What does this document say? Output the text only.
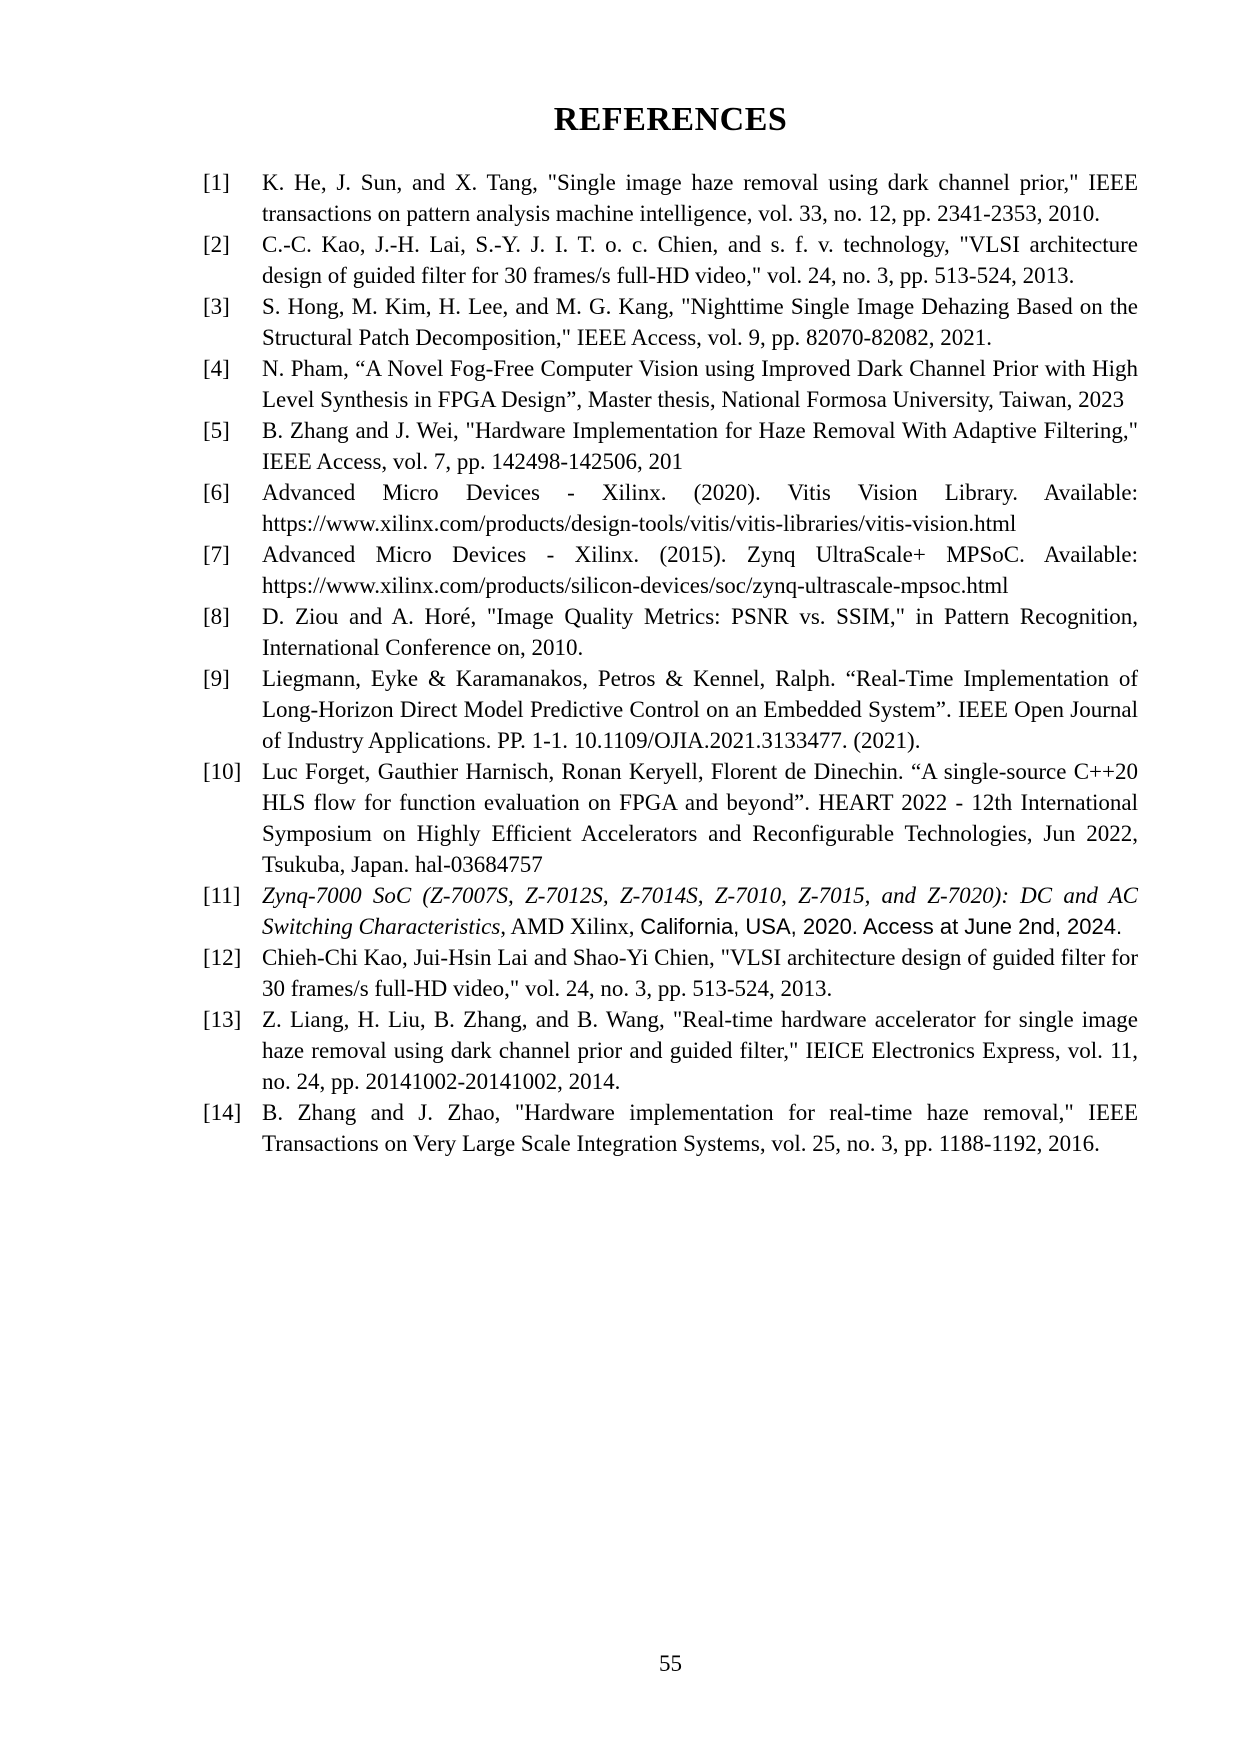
REFERENCES
[1]	K. He, J. Sun, and X. Tang, "Single image haze removal using dark channel prior," IEEE transactions on pattern analysis machine intelligence, vol. 33, no. 12, pp. 2341-2353, 2010.
[2]	C.-C. Kao, J.-H. Lai, S.-Y. J. I. T. o. c. Chien, and s. f. v. technology, "VLSI architecture design of guided filter for 30 frames/s full-HD video," vol. 24, no. 3, pp. 513-524, 2013.
[3]	S. Hong, M. Kim, H. Lee, and M. G. Kang, "Nighttime Single Image Dehazing Based on the Structural Patch Decomposition," IEEE Access, vol. 9, pp. 82070-82082, 2021.
[4]	N. Pham, “A Novel Fog-Free Computer Vision using Improved Dark Channel Prior with High Level Synthesis in FPGA Design”, Master thesis, National Formosa University, Taiwan, 2023
[5]	B. Zhang and J. Wei, "Hardware Implementation for Haze Removal With Adaptive Filtering," IEEE Access, vol. 7, pp. 142498-142506, 201
[6]	Advanced Micro Devices - Xilinx. (2020). Vitis Vision Library. Available: https://www.xilinx.com/products/design-tools/vitis/vitis-libraries/vitis-vision.html
[7]	Advanced Micro Devices - Xilinx. (2015). Zynq UltraScale+ MPSoC. Available: https://www.xilinx.com/products/silicon-devices/soc/zynq-ultrascale-mpsoc.html
[8]	D. Ziou and A. Horé, "Image Quality Metrics: PSNR vs. SSIM," in Pattern Recognition, International Conference on, 2010.
[9]	Liegmann, Eyke & Karamanakos, Petros & Kennel, Ralph. “Real-Time Implementation of Long-Horizon Direct Model Predictive Control on an Embedded System”. IEEE Open Journal of Industry Applications. PP. 1-1. 10.1109/OJIA.2021.3133477. (2021).
[10] Luc Forget, Gauthier Harnisch, Ronan Keryell, Florent de Dinechin. “A single-source C++20 HLS flow for function evaluation on FPGA and beyond”. HEART 2022 - 12th International Symposium on Highly Efficient Accelerators and Reconfigurable Technologies, Jun 2022, Tsukuba, Japan. hal-03684757
[11] Zynq-7000 SoC (Z-7007S, Z-7012S, Z-7014S, Z-7010, Z-7015, and Z-7020): DC and AC Switching Characteristics, AMD Xilinx, California, USA, 2020. Access at June 2nd, 2024.
[12] Chieh-Chi Kao, Jui-Hsin Lai and Shao-Yi Chien, "VLSI architecture design of guided filter for 30 frames/s full-HD video," vol. 24, no. 3, pp. 513-524, 2013.
[13] Z. Liang, H. Liu, B. Zhang, and B. Wang, "Real-time hardware accelerator for single image haze removal using dark channel prior and guided filter," IEICE Electronics Express, vol. 11, no. 24, pp. 20141002-20141002, 2014.
[14] B. Zhang and J. Zhao, "Hardware implementation for real-time haze removal," IEEE Transactions on Very Large Scale Integration Systems, vol. 25, no. 3, pp. 1188-1192, 2016.
55
